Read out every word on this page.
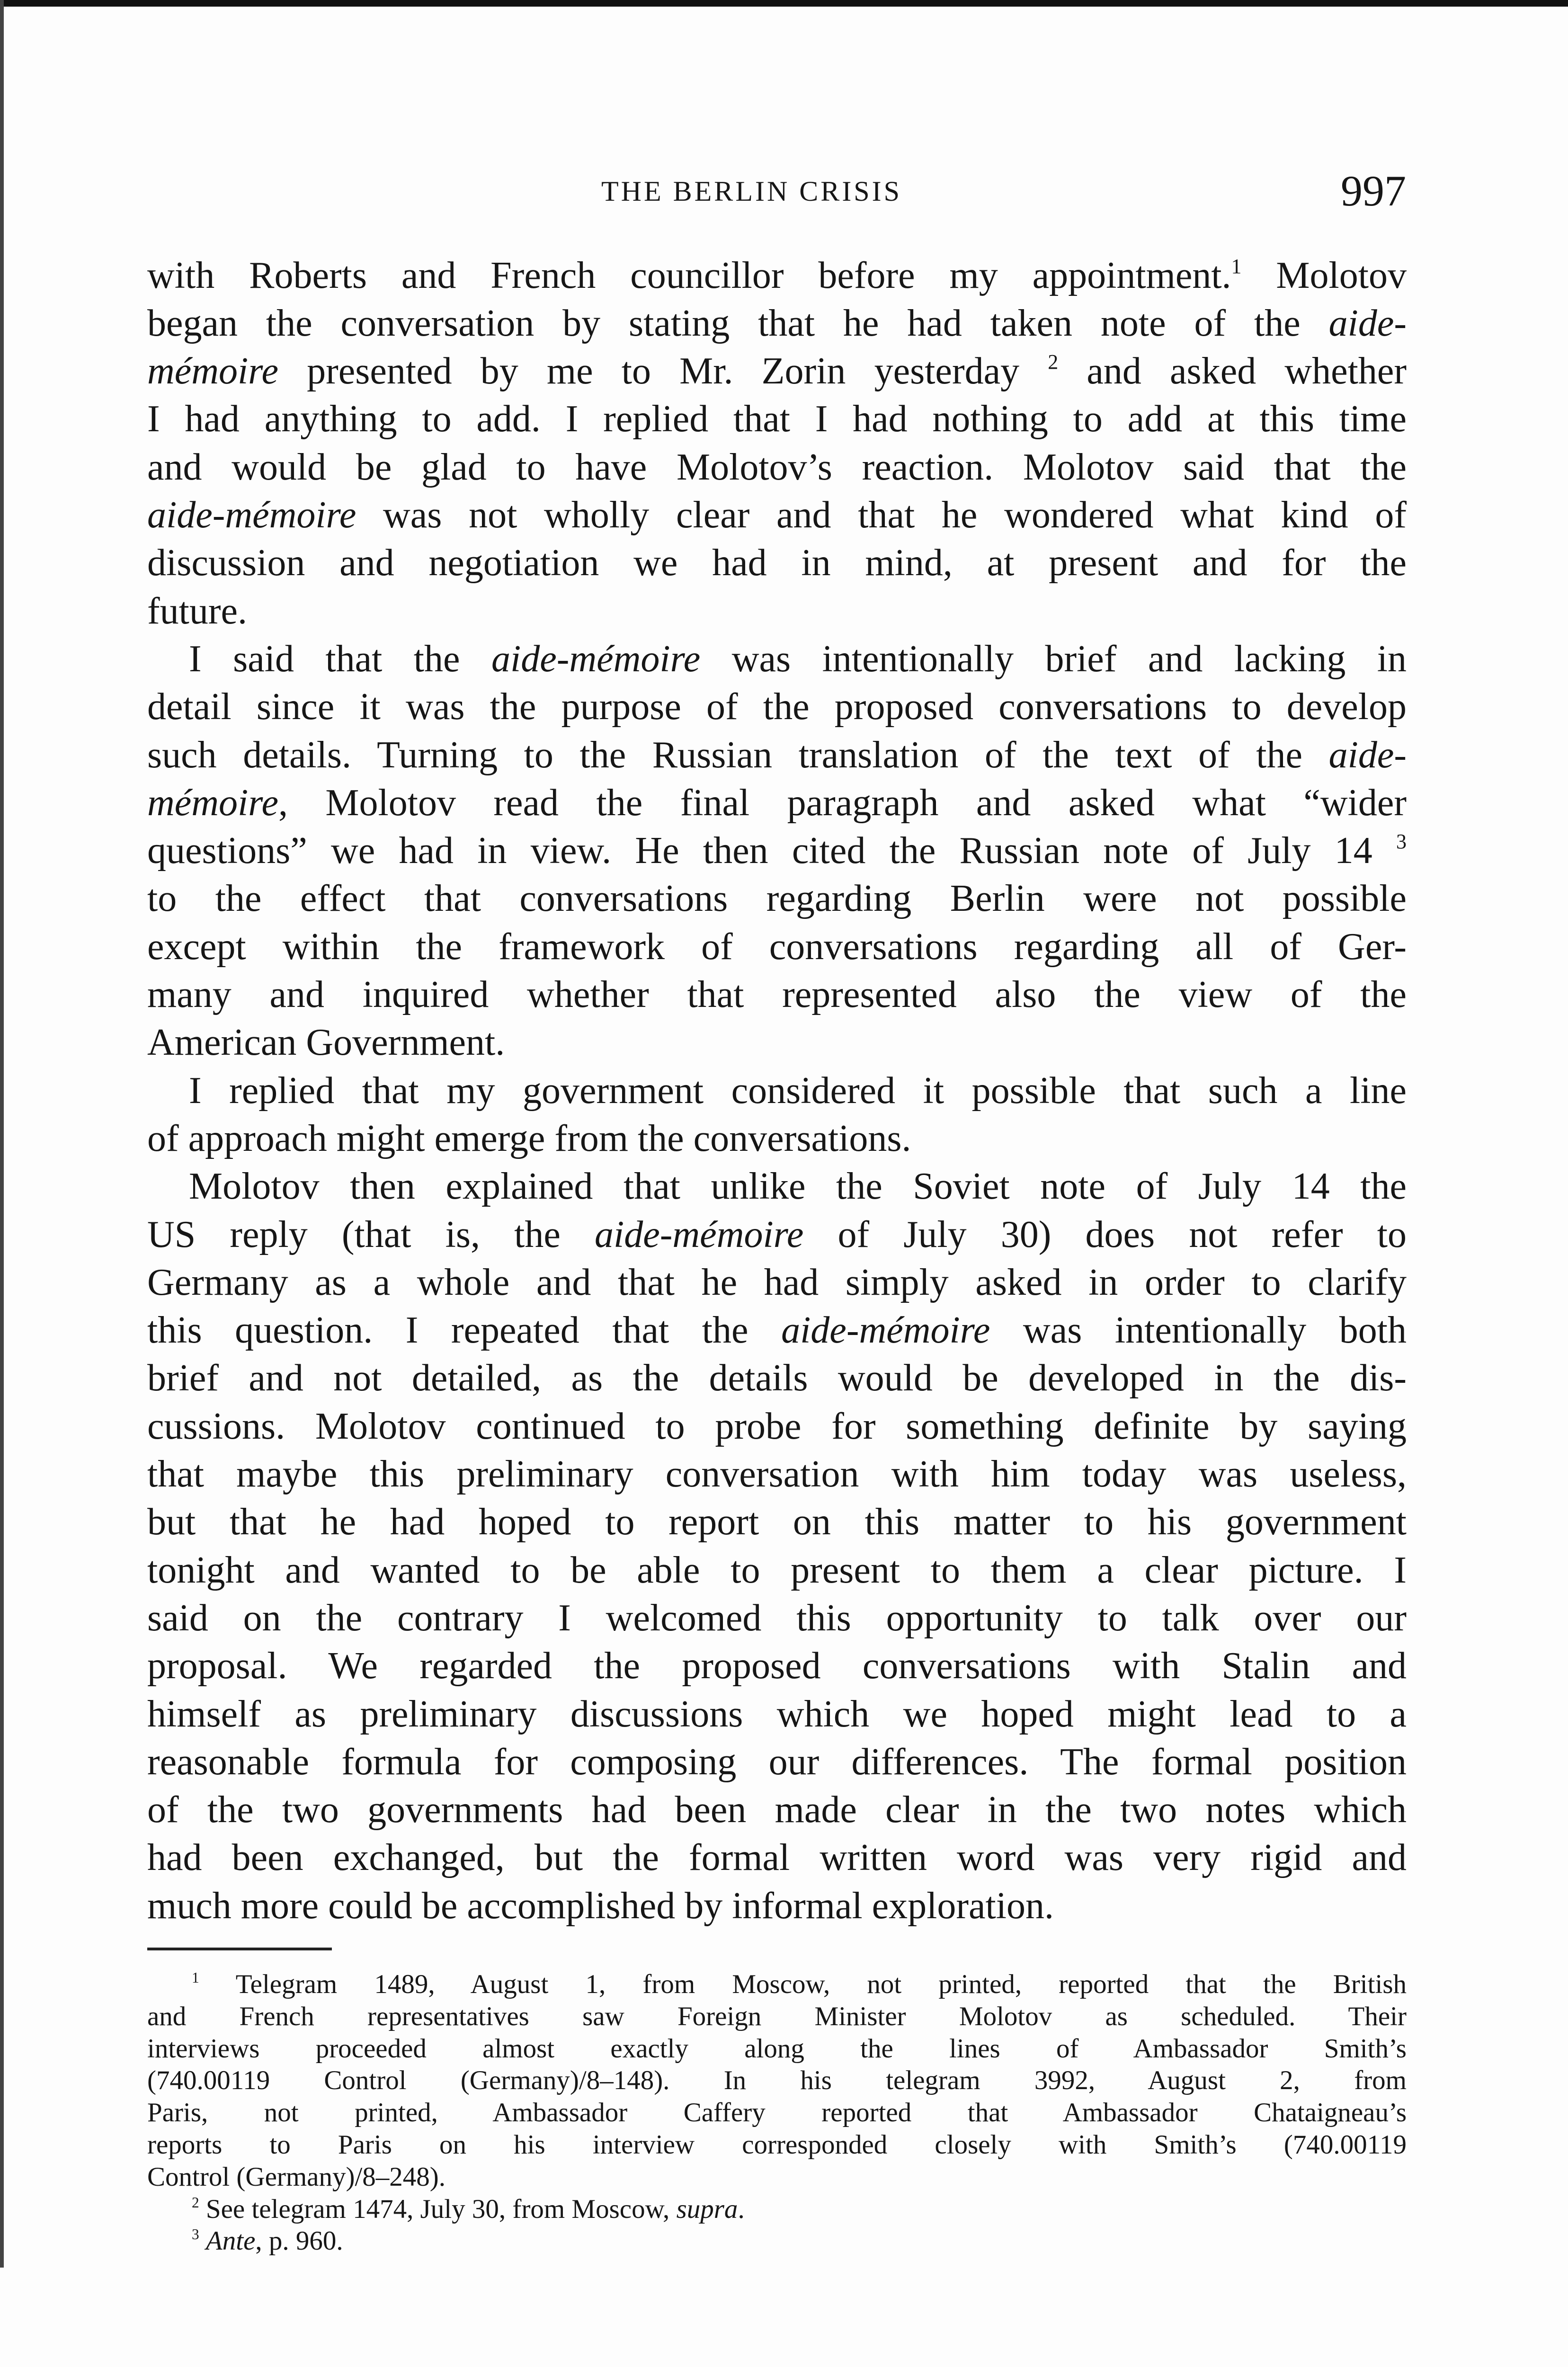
THE BERLIN CRISIS	997
with Roberts and French councillor before my appointment.$^1$ Molotov
began the conversation by stating that he had taken note of the aide-
mémoire presented by me to Mr. Zorin yesterday $^2$ and asked whether
I had anything to add. I replied that I had nothing to add at this time
and would be glad to have Molotov’s reaction. Molotov said that the
aide-mémoire was not wholly clear and that he wondered what kind of
discussion and negotiation we had in mind, at present and for the
future.
I said that the aide-mémoire was intentionally brief and lacking in
detail since it was the purpose of the proposed conversations to develop
such details. Turning to the Russian translation of the text of the aide-
mémoire, Molotov read the final paragraph and asked what “wider
questions” we had in view. He then cited the Russian note of July 14 $^3$
to the effect that conversations regarding Berlin were not possible
except within the framework of conversations regarding all of Ger-
many and inquired whether that represented also the view of the
American Government.
I replied that my government considered it possible that such a line
of approach might emerge from the conversations.
Molotov then explained that unlike the Soviet note of July 14 the
US reply (that is, the aide-mémoire of July 30) does not refer to
Germany as a whole and that he had simply asked in order to clarify
this question. I repeated that the aide-mémoire was intentionally both
brief and not detailed, as the details would be developed in the dis-
cussions. Molotov continued to probe for something definite by saying
that maybe this preliminary conversation with him today was useless,
but that he had hoped to report on this matter to his government
tonight and wanted to be able to present to them a clear picture. I
said on the contrary I welcomed this opportunity to talk over our
proposal. We regarded the proposed conversations with Stalin and
himself as preliminary discussions which we hoped might lead to a
reasonable formula for composing our differences. The formal position
of the two governments had been made clear in the two notes which
had been exchanged, but the formal written word was very rigid and
much more could be accomplished by informal exploration.
$^1$ Telegram 1489, August 1, from Moscow, not printed, reported that the British
and French representatives saw Foreign Minister Molotov as scheduled. Their
interviews proceeded almost exactly along the lines of Ambassador Smith’s
(740.00119 Control (Germany)/8–148). In his telegram 3992, August 2, from
Paris, not printed, Ambassador Caffery reported that Ambassador Chataigneau’s
reports to Paris on his interview corresponded closely with Smith’s (740.00119
Control (Germany)/8–248).
$^2$ See telegram 1474, July 30, from Moscow, supra.
$^3$ Ante, p. 960.
